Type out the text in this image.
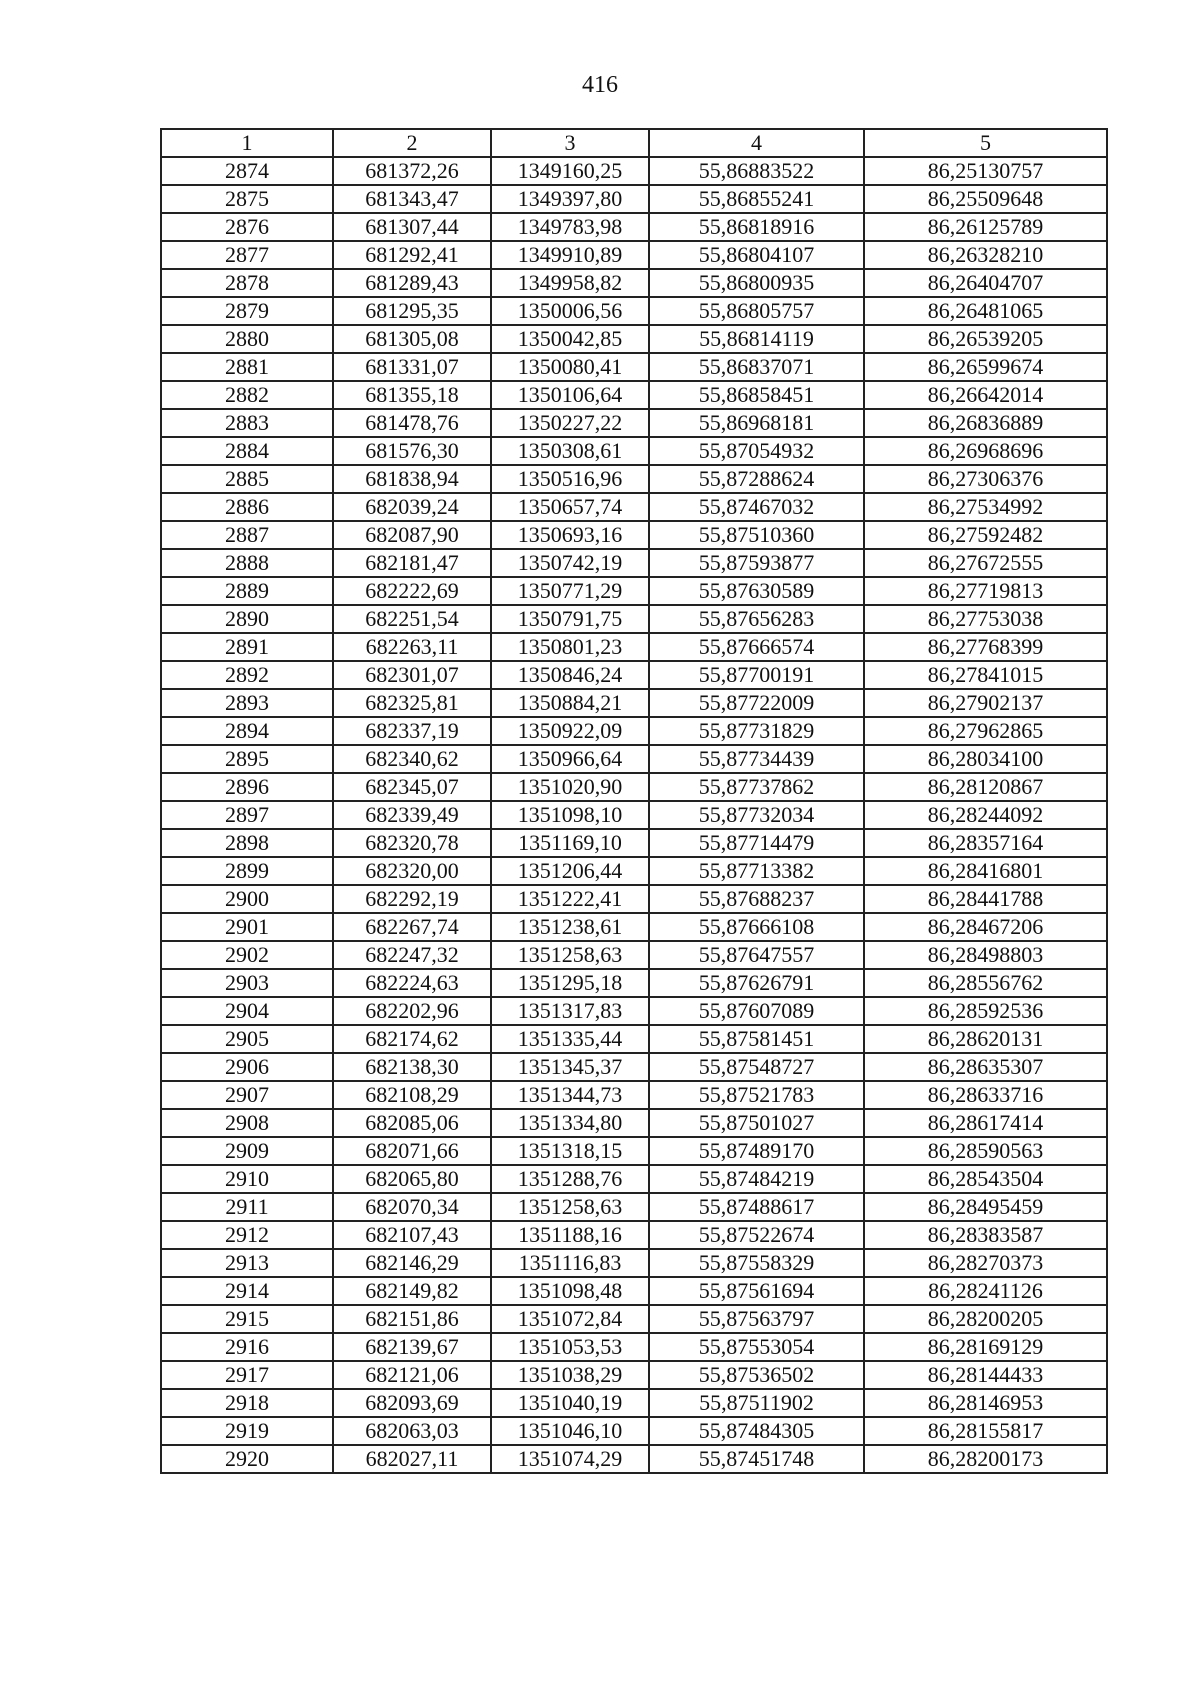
416
1	2	3	4	5
2874	681372,26	1349160,25	55,86883522	86,25130757
2875	681343,47	1349397,80	55,86855241	86,25509648
2876	681307,44	1349783,98	55,86818916	86,26125789
2877	681292,41	1349910,89	55,86804107	86,26328210
2878	681289,43	1349958,82	55,86800935	86,26404707
2879	681295,35	1350006,56	55,86805757	86,26481065
2880	681305,08	1350042,85	55,86814119	86,26539205
2881	681331,07	1350080,41	55,86837071	86,26599674
2882	681355,18	1350106,64	55,86858451	86,26642014
2883	681478,76	1350227,22	55,86968181	86,26836889
2884	681576,30	1350308,61	55,87054932	86,26968696
2885	681838,94	1350516,96	55,87288624	86,27306376
2886	682039,24	1350657,74	55,87467032	86,27534992
2887	682087,90	1350693,16	55,87510360	86,27592482
2888	682181,47	1350742,19	55,87593877	86,27672555
2889	682222,69	1350771,29	55,87630589	86,27719813
2890	682251,54	1350791,75	55,87656283	86,27753038
2891	682263,11	1350801,23	55,87666574	86,27768399
2892	682301,07	1350846,24	55,87700191	86,27841015
2893	682325,81	1350884,21	55,87722009	86,27902137
2894	682337,19	1350922,09	55,87731829	86,27962865
2895	682340,62	1350966,64	55,87734439	86,28034100
2896	682345,07	1351020,90	55,87737862	86,28120867
2897	682339,49	1351098,10	55,87732034	86,28244092
2898	682320,78	1351169,10	55,87714479	86,28357164
2899	682320,00	1351206,44	55,87713382	86,28416801
2900	682292,19	1351222,41	55,87688237	86,28441788
2901	682267,74	1351238,61	55,87666108	86,28467206
2902	682247,32	1351258,63	55,87647557	86,28498803
2903	682224,63	1351295,18	55,87626791	86,28556762
2904	682202,96	1351317,83	55,87607089	86,28592536
2905	682174,62	1351335,44	55,87581451	86,28620131
2906	682138,30	1351345,37	55,87548727	86,28635307
2907	682108,29	1351344,73	55,87521783	86,28633716
2908	682085,06	1351334,80	55,87501027	86,28617414
2909	682071,66	1351318,15	55,87489170	86,28590563
2910	682065,80	1351288,76	55,87484219	86,28543504
2911	682070,34	1351258,63	55,87488617	86,28495459
2912	682107,43	1351188,16	55,87522674	86,28383587
2913	682146,29	1351116,83	55,87558329	86,28270373
2914	682149,82	1351098,48	55,87561694	86,28241126
2915	682151,86	1351072,84	55,87563797	86,28200205
2916	682139,67	1351053,53	55,87553054	86,28169129
2917	682121,06	1351038,29	55,87536502	86,28144433
2918	682093,69	1351040,19	55,87511902	86,28146953
2919	682063,03	1351046,10	55,87484305	86,28155817
2920	682027,11	1351074,29	55,87451748	86,28200173
